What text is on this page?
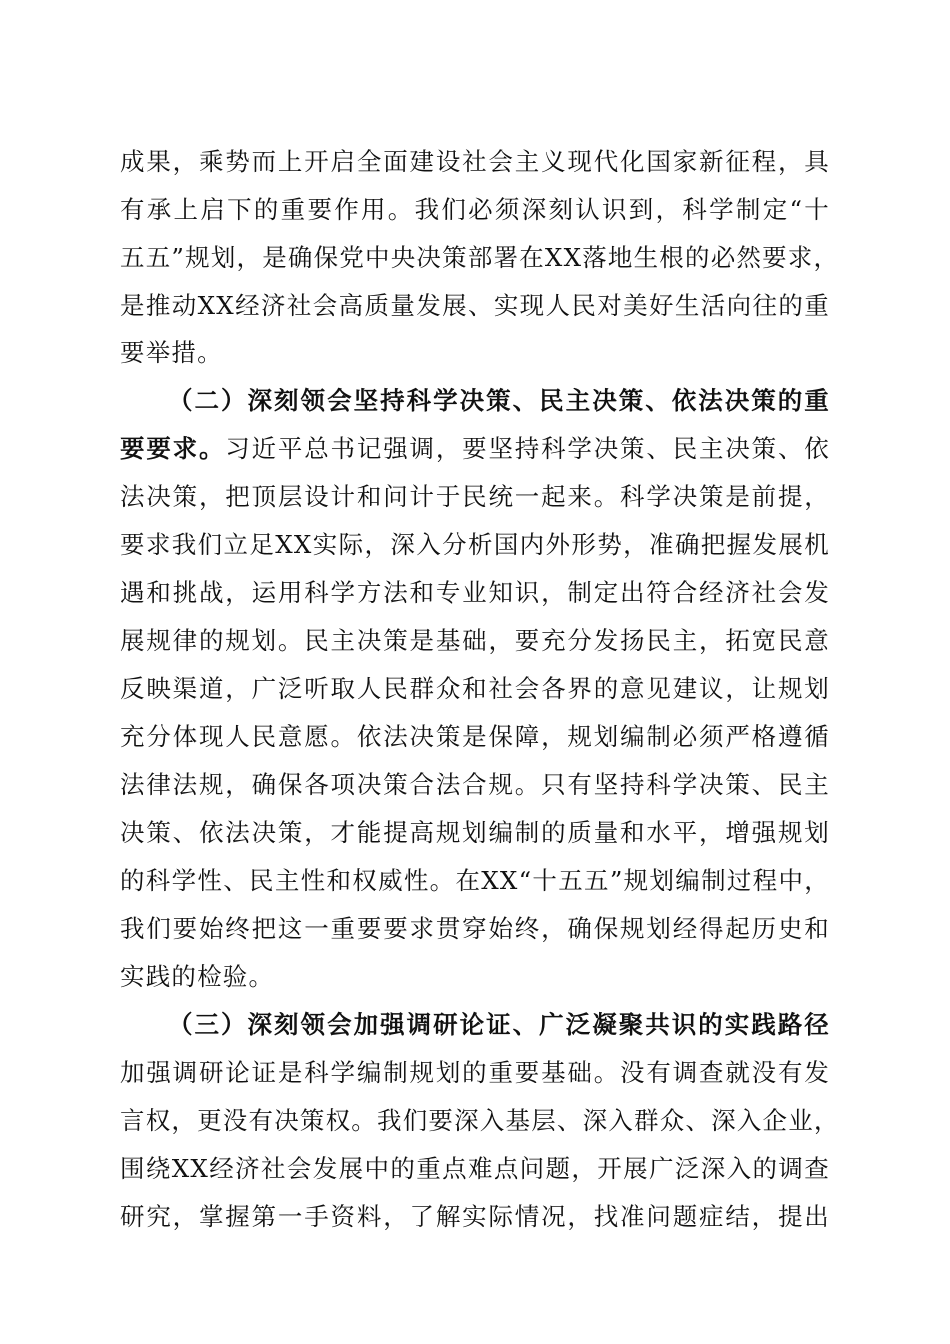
成果，乘势而上开启全面建设社会主义现代化国家新征程，具
有承上启下的重要作用。我们必须深刻认识到，科学制定“十
五五”规划，是确保党中央决策部署在XX落地生根的必然要求，
是推动XX经济社会高质量发展、实现人民对美好生活向往的重
要举措。
（二）深刻领会坚持科学决策、民主决策、依法决策的重
要要求。习近平总书记强调，要坚持科学决策、民主决策、依
法决策，把顶层设计和问计于民统一起来。科学决策是前提，
要求我们立足XX实际，深入分析国内外形势，准确把握发展机
遇和挑战，运用科学方法和专业知识，制定出符合经济社会发
展规律的规划。民主决策是基础，要充分发扬民主，拓宽民意
反映渠道，广泛听取人民群众和社会各界的意见建议，让规划
充分体现人民意愿。依法决策是保障，规划编制必须严格遵循
法律法规，确保各项决策合法合规。只有坚持科学决策、民主
决策、依法决策，才能提高规划编制的质量和水平，增强规划
的科学性、民主性和权威性。在XX“十五五”规划编制过程中，
我们要始终把这一重要要求贯穿始终，确保规划经得起历史和
实践的检验。
（三）深刻领会加强调研论证、广泛凝聚共识的实践路径
加强调研论证是科学编制规划的重要基础。没有调查就没有发
言权，更没有决策权。我们要深入基层、深入群众、深入企业，
围绕XX经济社会发展中的重点难点问题，开展广泛深入的调查
研究，掌握第一手资料，了解实际情况，找准问题症结，提出
